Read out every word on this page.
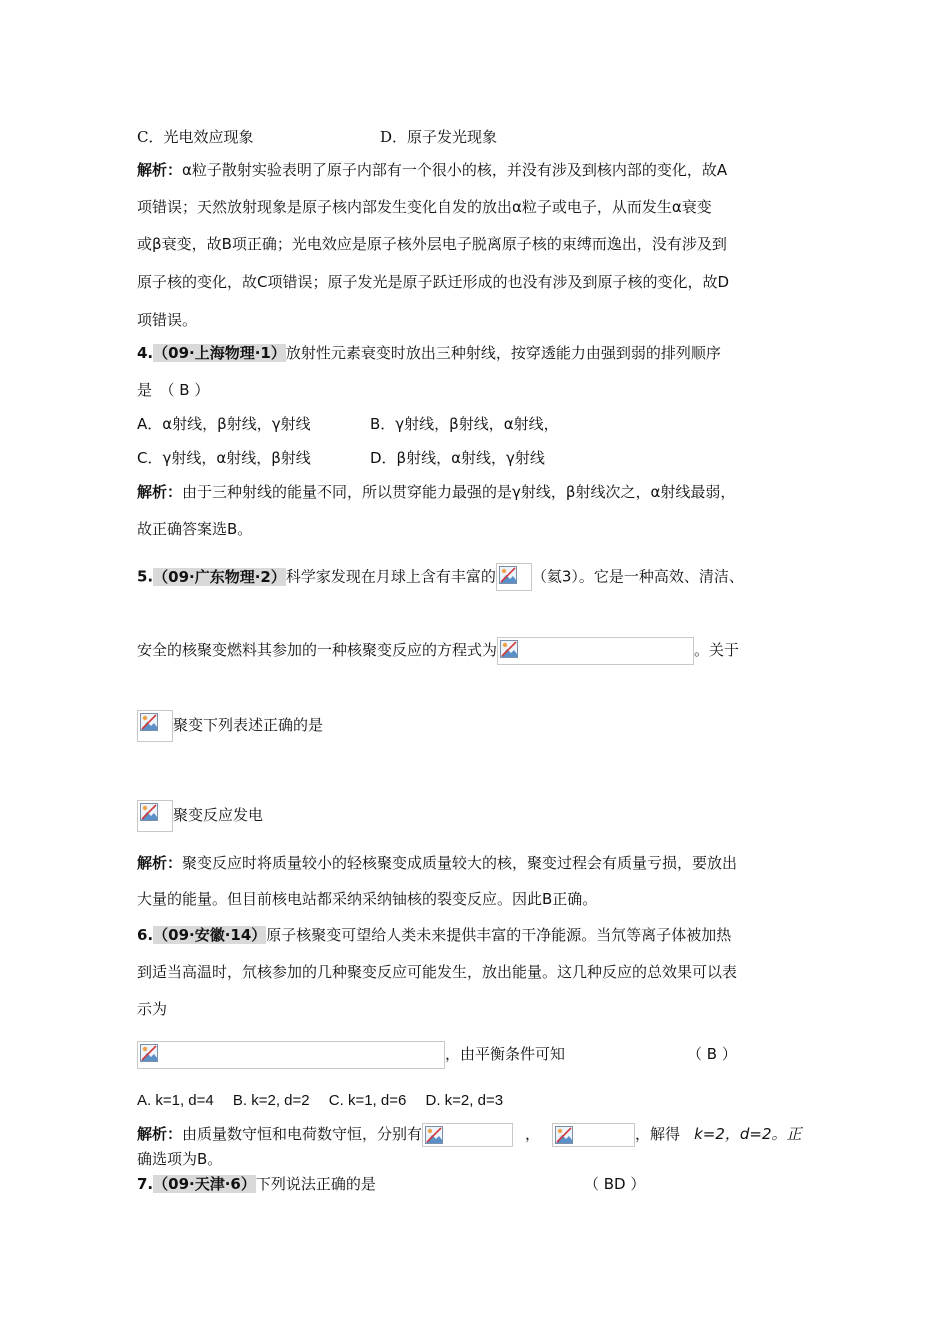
C．光电效应现象	D．原子发光现象
解析：α粒子散射实验表明了原子内部有一个很小的核，并没有涉及到核内部的变化，故A
项错误；天然放射现象是原子核内部发生变化自发的放出α粒子或电子，从而发生α衰变
或β衰变，故B项正确；光电效应是原子核外层电子脱离原子核的束缚而逸出，没有涉及到
原子核的变化，故C项错误；原子发光是原子跃迁形成的也没有涉及到原子核的变化，故D
项错误。
4.（09·上海物理·1）放射性元素衰变时放出三种射线，按穿透能力由强到弱的排列顺序
是　（ B ）
A．α射线，β射线，γ射线	B．γ射线，β射线，α射线，
C．γ射线，α射线，β射线	D．β射线，α射线，γ射线
解析：由于三种射线的能量不同，所以贯穿能力最强的是γ射线，β射线次之，α射线最弱，
故正确答案选B。
5.（09·广东物理·2）科学家发现在月球上含有丰富的 （氦3）。它是一种高效、清洁、
安全的核聚变燃料其参加的一种核聚变反应的方程式为	。关于
聚变下列表述正确的是
聚变反应发电
解析：聚变反应时将质量较小的轻核聚变成质量较大的核，聚变过程会有质量亏损，要放出
大量的能量。但目前核电站都采纳采纳铀核的裂变反应。因此B正确。
6.（09·安徽·14）原子核聚变可望给人类未来提供丰富的干净能源。当氘等离子体被加热
到适当高温时，氘核参加的几种聚变反应可能发生，放出能量。这几种反应的总效果可以表
示为
，由平衡条件可知	（ B ）
A. k=1, d=4　 B. k=2, d=2　 C. k=1, d=6　 D. k=2, d=3
解析：由质量数守恒和电荷数守恒，分别有	，	，解得 k=2，d=2。正
确选项为B。
7.（09·天津·6）下列说法正确的是	（ BD ）
